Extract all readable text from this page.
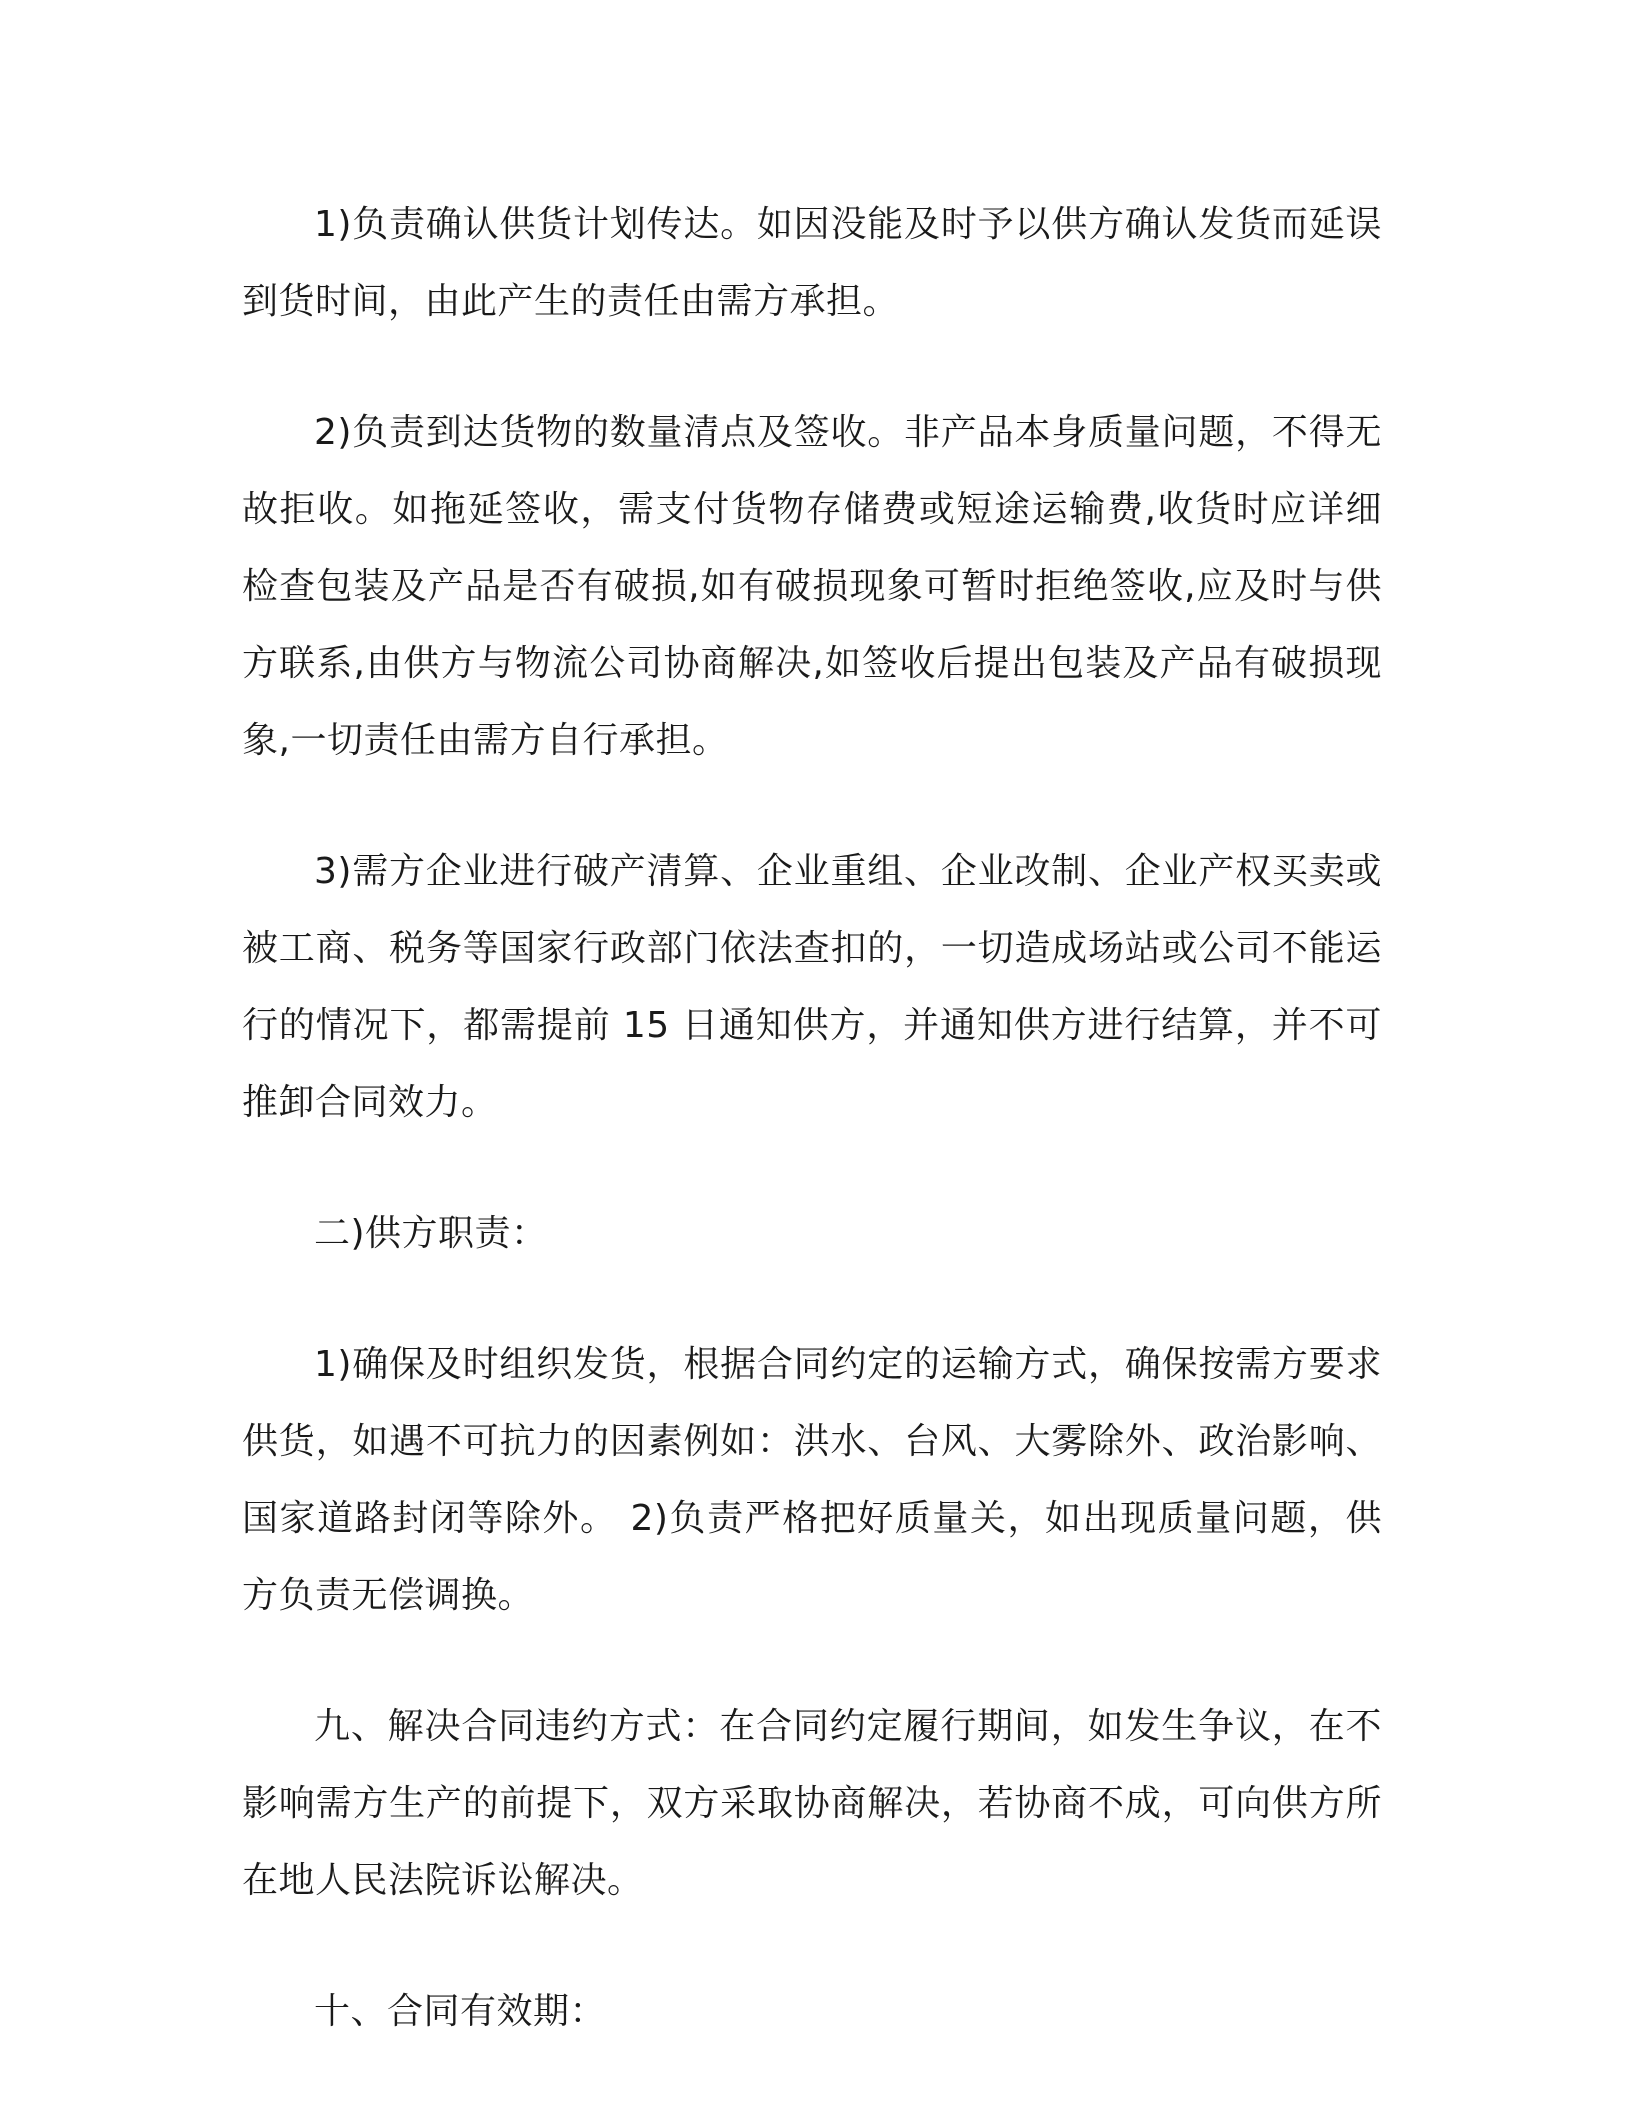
1)负责确认供货计划传达。如因没能及时予以供方确认发货而延误到货时间，由此产生的责任由需方承担。

2)负责到达货物的数量清点及签收。非产品本身质量问题，不得无故拒收。如拖延签收，需支付货物存储费或短途运输费,收货时应详细检查包装及产品是否有破损,如有破损现象可暂时拒绝签收,应及时与供方联系,由供方与物流公司协商解决,如签收后提出包装及产品有破损现象,一切责任由需方自行承担。

3)需方企业进行破产清算、企业重组、企业改制、企业产权买卖或被工商、税务等国家行政部门依法查扣的，一切造成场站或公司不能运行的情况下，都需提前 15 日通知供方，并通知供方进行结算，并不可推卸合同效力。

二)供方职责：

1)确保及时组织发货，根据合同约定的运输方式，确保按需方要求供货，如遇不可抗力的因素例如：洪水、台风、大雾除外、政治影响、国家道路封闭等除外。 2)负责严格把好质量关，如出现质量问题，供方负责无偿调换。

九、解决合同违约方式：在合同约定履行期间，如发生争议，在不影响需方生产的前提下，双方采取协商解决，若协商不成，可向供方所在地人民法院诉讼解决。

十、合同有效期：
